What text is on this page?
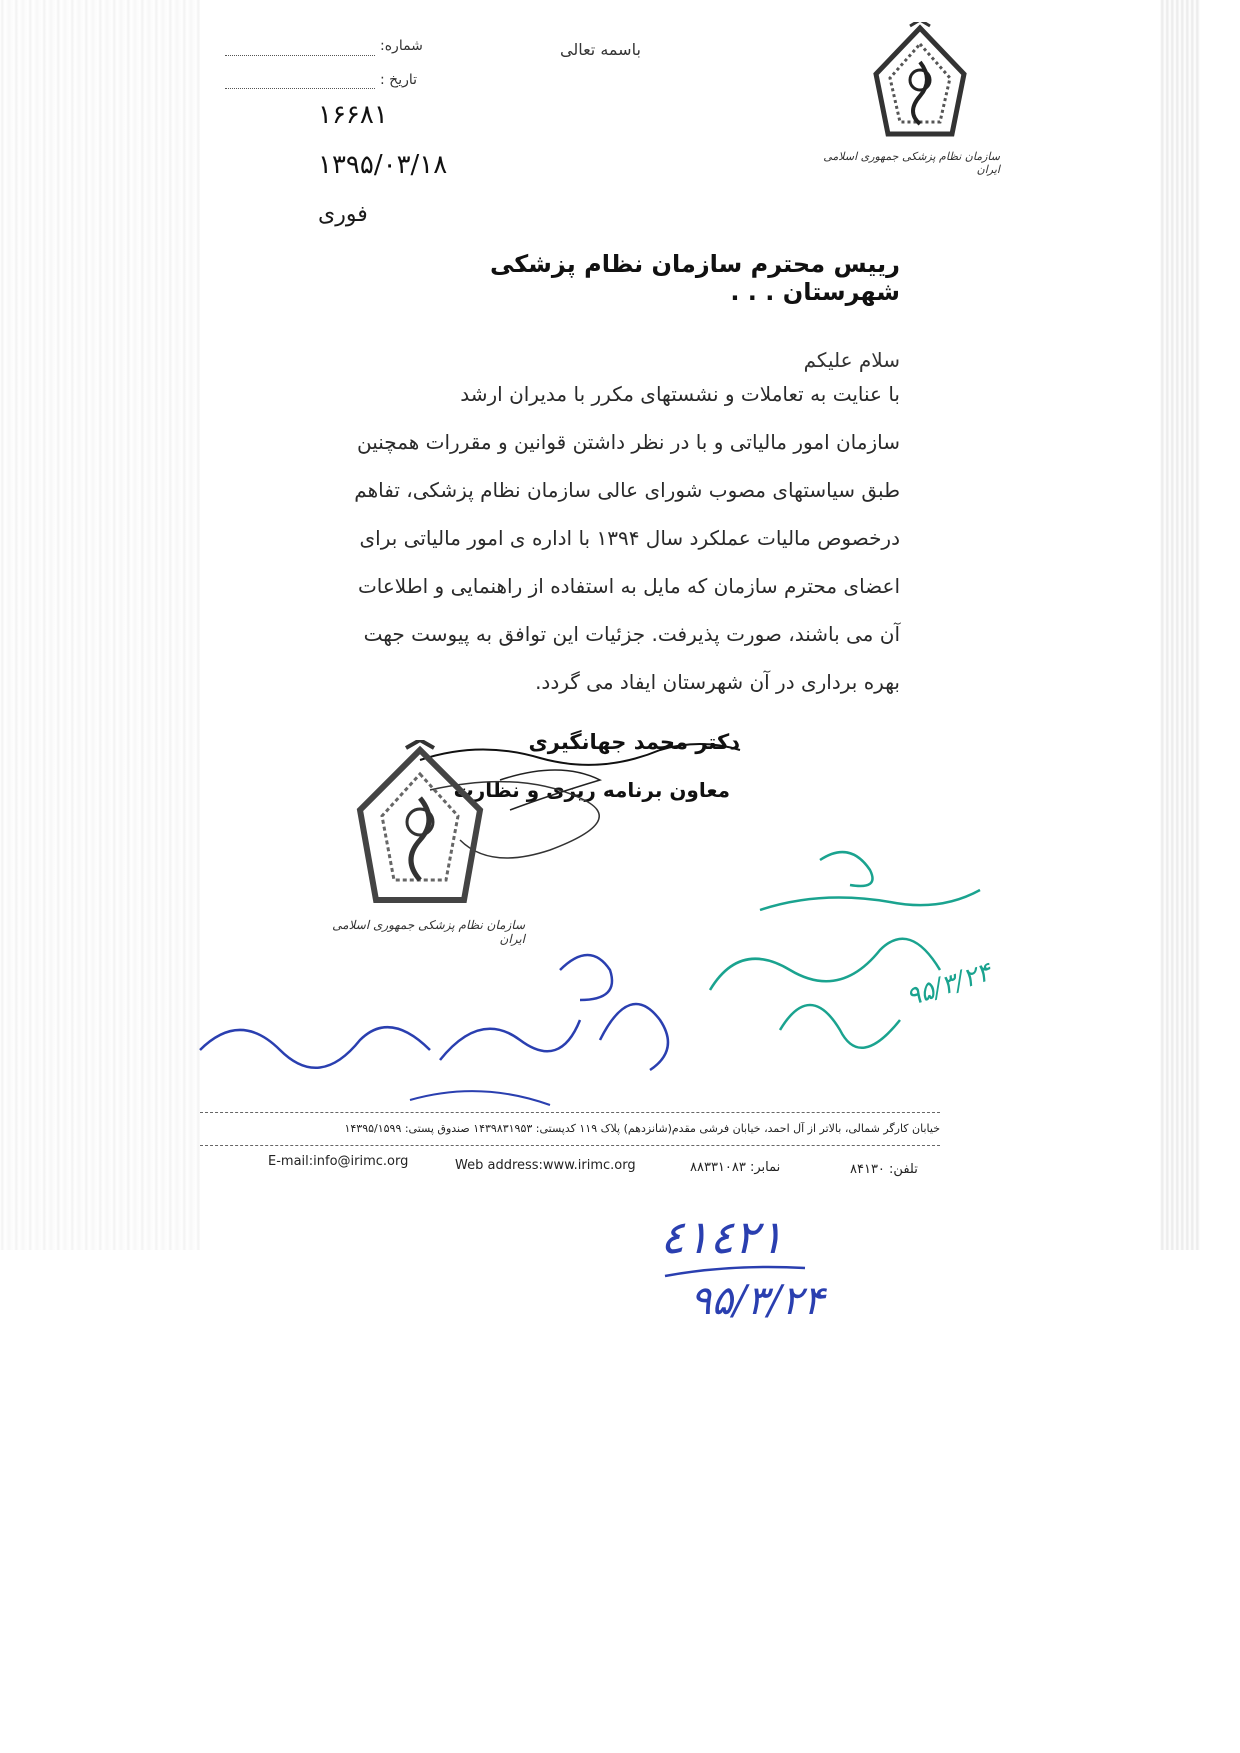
شماره:
تاریخ :
باسمه تعالی
۱۶۶۸۱
۱۳۹۵/۰۳/۱۸
فوری
سازمان نظام پزشکی جمهوری اسلامی ایران
رییس محترم سازمان نظام پزشکی شهرستان . . .
سلام علیکم
با عنایت به تعاملات و نشستهای مکرر با مدیران ارشد
سازمان امور مالیاتی و با در نظر داشتن قوانین و مقررات همچنین
طبق سیاستهای مصوب شورای عالی سازمان نظام پزشکی، تفاهم
درخصوص مالیات عملکرد سال ۱۳۹۴ با اداره ی امور مالیاتی برای
اعضای محترم سازمان که مایل به استفاده از راهنمایی و اطلاعات
آن می باشند، صورت پذیرفت. جزئیات این توافق به پیوست جهت
بهره برداری در آن شهرستان ایفاد می گردد.
دکتر محمد جهانگیری
معاون برنامه ریزی و نظارت
سازمان نظام پزشکی جمهوری اسلامی ایران
۹۵/۳/۲۴
خیابان کارگر شمالی، بالاتر از آل احمد، خیابان فرشی مقدم(شانزدهم) پلاک ۱۱۹ کدپستی: ۱۴۳۹۸۳۱۹۵۳ صندوق پستی: ۱۴۳۹۵/۱۵۹۹
E-mail:info@irimc.org	Web address:www.irimc.org	نمابر: ۸۸۳۳۱۰۸۳	تلفن: ۸۴۱۳۰
٤١٤٢١
۹۵/۳/۲۴
